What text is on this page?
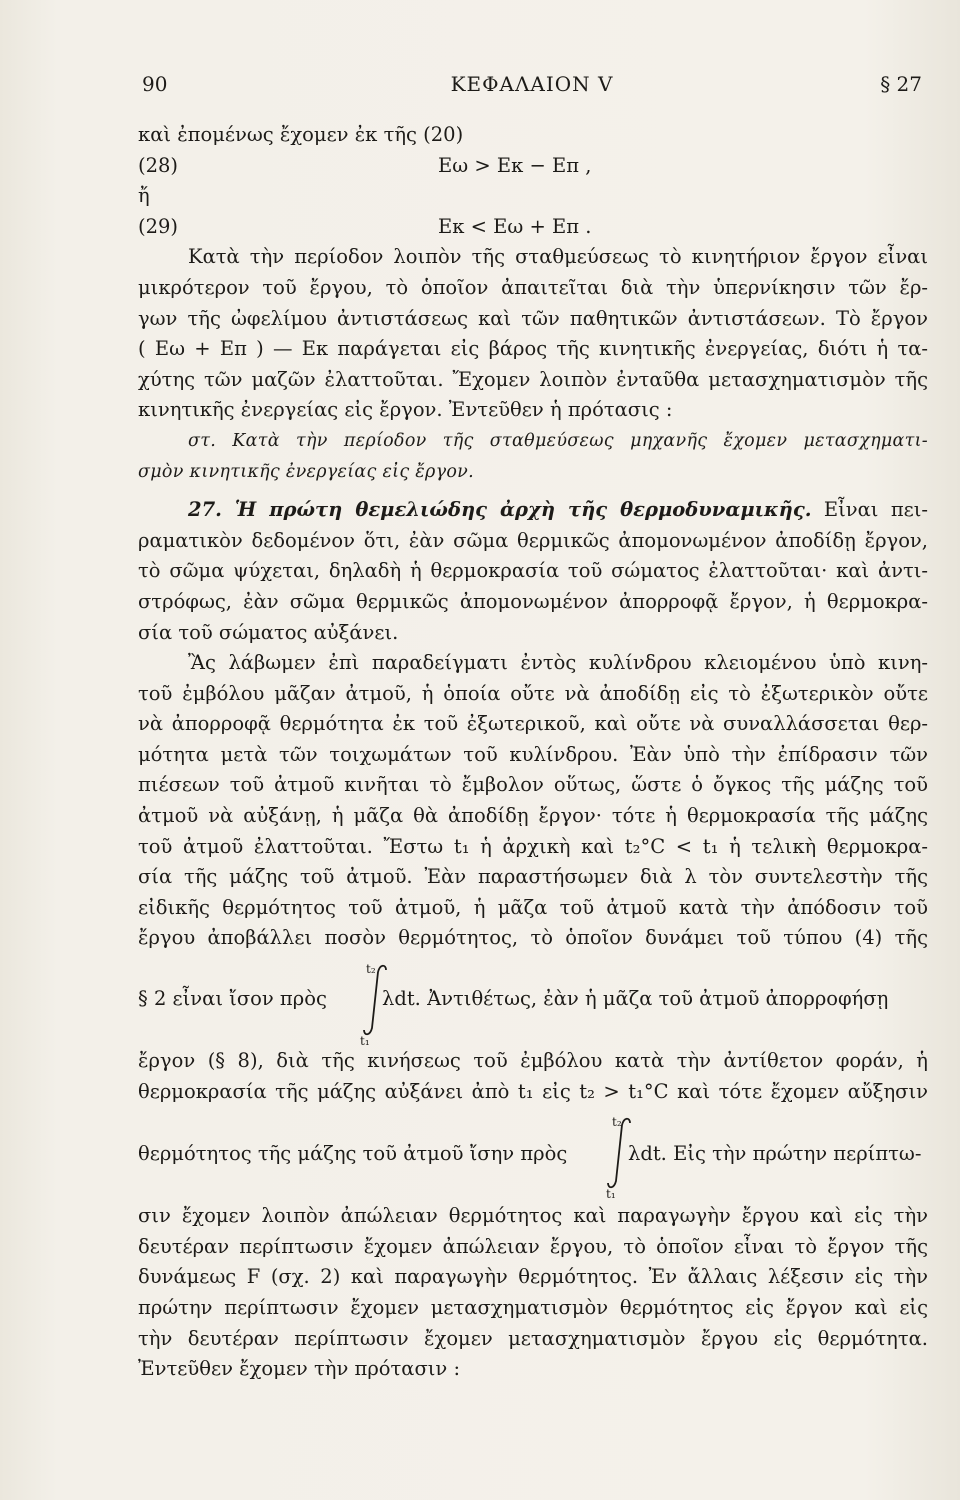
90	ΚΕΦΑΛΑΙΟΝ V	§ 27
καὶ ἐπομένως ἔχομεν ἐκ τῆς (20)
(28)	Eω > Eκ − Eπ ,
ἤ
(29)	Eκ < Eω + Eπ .
Κατὰ τὴν περίοδον λοιπὸν τῆς σταθμεύσεως τὸ κινητήριον ἔργον εἶναι
μικρότερον τοῦ ἔργου, τὸ ὁποῖον ἀπαιτεῖται διὰ τὴν ὑπερνίκησιν τῶν ἔρ-
γων τῆς ὠφελίμου ἀντιστάσεως καὶ τῶν παθητικῶν ἀντιστάσεων. Τὸ ἔργον
( Eω + Eπ ) — Eκ παράγεται εἰς βάρος τῆς κινητικῆς ἐνεργείας, διότι ἡ τα-
χύτης τῶν μαζῶν ἐλαττοῦται. Ἔχομεν λοιπὸν ἐνταῦθα μετασχηματισμὸν τῆς
κινητικῆς ἐνεργείας εἰς ἔργον. Ἐντεῦθεν ἡ πρότασις :
στ. Κατὰ τὴν περίοδον τῆς σταθμεύσεως μηχανῆς ἔχομεν μετασχηματι-
σμὸν κινητικῆς ἐνεργείας εἰς ἔργον.
27. Ἡ πρώτη θεμελιώδης ἀρχὴ τῆς θερμοδυναμικῆς. Εἶναι πει-
ραματικὸν δεδομένον ὅτι, ἐὰν σῶμα θερμικῶς ἀπομονωμένον ἀποδίδῃ ἔργον,
τὸ σῶμα ψύχεται, δηλαδὴ ἡ θερμοκρασία τοῦ σώματος ἐλαττοῦται· καὶ ἀντι-
στρόφως, ἐὰν σῶμα θερμικῶς ἀπομονωμένον ἀπορροφᾷ ἔργον, ἡ θερμοκρα-
σία τοῦ σώματος αὐξάνει.
Ἂς λάβωμεν ἐπὶ παραδείγματι ἐντὸς κυλίνδρου κλειομένου ὑπὸ κινη-
τοῦ ἐμβόλου μᾶζαν ἀτμοῦ, ἡ ὁποία οὔτε νὰ ἀποδίδῃ εἰς τὸ ἐξωτερικὸν οὔτε
νὰ ἀπορροφᾷ θερμότητα ἐκ τοῦ ἐξωτερικοῦ, καὶ οὔτε νὰ συναλλάσσεται θερ-
μότητα μετὰ τῶν τοιχωμάτων τοῦ κυλίνδρου. Ἐὰν ὑπὸ τὴν ἐπίδρασιν τῶν
πιέσεων τοῦ ἀτμοῦ κινῆται τὸ ἔμβολον οὕτως, ὥστε ὁ ὄγκος τῆς μάζης τοῦ
ἀτμοῦ νὰ αὐξάνῃ, ἡ μᾶζα θὰ ἀποδίδῃ ἔργον· τότε ἡ θερμοκρασία τῆς μάζης
τοῦ ἀτμοῦ ἐλαττοῦται. Ἔστω t₁ ἡ ἀρχικὴ καὶ t₂°C < t₁ ἡ τελικὴ θερμοκρα-
σία τῆς μάζης τοῦ ἀτμοῦ. Ἐὰν παραστήσωμεν διὰ λ τὸν συντελεστὴν τῆς
εἰδικῆς θερμότητος τοῦ ἀτμοῦ, ἡ μᾶζα τοῦ ἀτμοῦ κατὰ τὴν ἀπόδοσιν τοῦ
ἔργου ἀποβάλλει ποσὸν θερμότητος, τὸ ὁποῖον δυνάμει τοῦ τύπου (4) τῆς
§ 2 εἶναι ἴσον πρὸς
t₂
t₁
λdt. Ἀντιθέτως, ἐὰν ἡ μᾶζα τοῦ ἀτμοῦ ἀπορροφήσῃ
ἔργον (§ 8), διὰ τῆς κινήσεως τοῦ ἐμβόλου κατὰ τὴν ἀντίθετον φοράν, ἡ
θερμοκρασία τῆς μάζης αὐξάνει ἀπὸ t₁ εἰς t₂ > t₁°C καὶ τότε ἔχομεν αὔξησιν
θερμότητος τῆς μάζης τοῦ ἀτμοῦ ἴσην πρὸς
t₂
t₁
λdt. Εἰς τὴν πρώτην περίπτω-
σιν ἔχομεν λοιπὸν ἀπώλειαν θερμότητος καὶ παραγωγὴν ἔργου καὶ εἰς τὴν
δευτέραν περίπτωσιν ἔχομεν ἀπώλειαν ἔργου, τὸ ὁποῖον εἶναι τὸ ἔργον τῆς
δυνάμεως F (σχ. 2) καὶ παραγωγὴν θερμότητος. Ἐν ἄλλαις λέξεσιν εἰς τὴν
πρώτην περίπτωσιν ἔχομεν μετασχηματισμὸν θερμότητος εἰς ἔργον καὶ εἰς
τὴν δευτέραν περίπτωσιν ἔχομεν μετασχηματισμὸν ἔργου εἰς θερμότητα.
Ἐντεῦθεν ἔχομεν τὴν πρότασιν :
